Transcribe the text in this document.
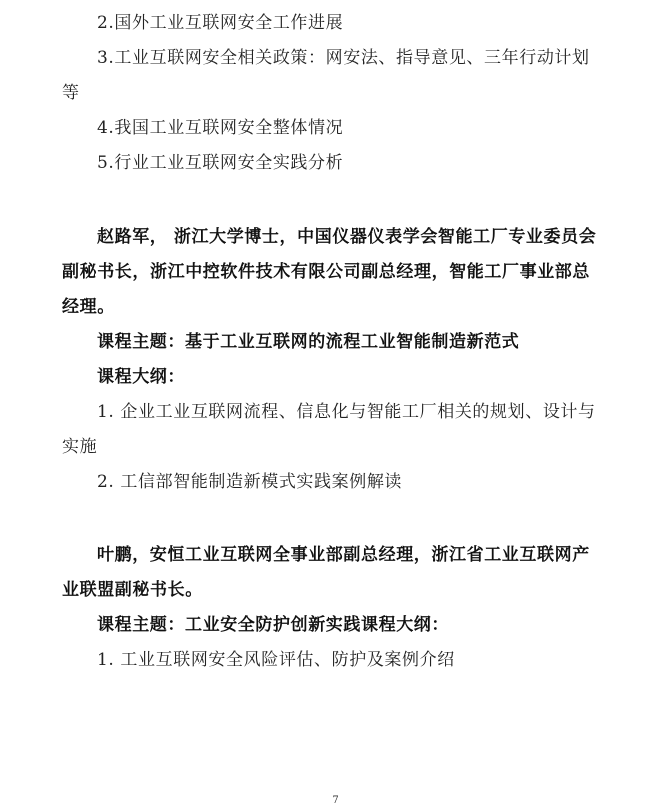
2.国外工业互联网安全工作进展
3.工业互联网安全相关政策：网安法、指导意见、三年行动计划
等
4.我国工业互联网安全整体情况
5.行业工业互联网安全实践分析
赵路军， 浙江大学博士，中国仪器仪表学会智能工厂专业委员会
副秘书长，浙江中控软件技术有限公司副总经理，智能工厂事业部总
经理。
课程主题：基于工业互联网的流程工业智能制造新范式
课程大纲：
1. 企业工业互联网流程、信息化与智能工厂相关的规划、设计与
实施
2. 工信部智能制造新模式实践案例解读
叶鹏，安恒工业互联网全事业部副总经理，浙江省工业互联网产
业联盟副秘书长。
课程主题：工业安全防护创新实践课程大纲：
1. 工业互联网安全风险评估、防护及案例介绍
7
